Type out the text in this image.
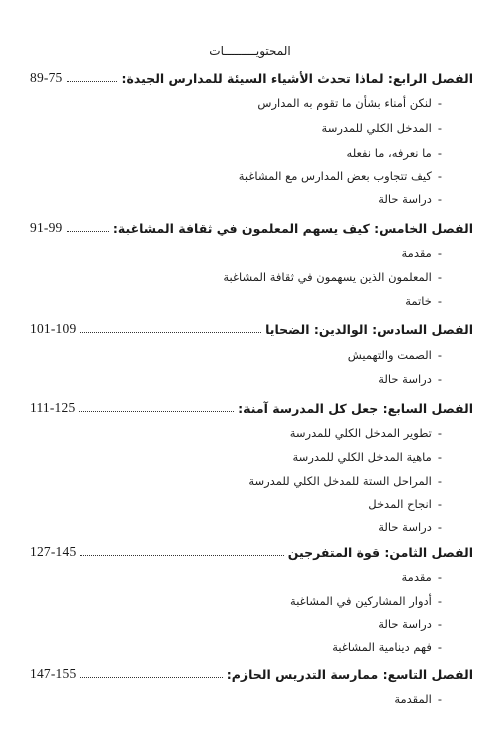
المحتويـــــــــات
89-75	الفصل الرابع: لماذا تحدث الأشياء السيئة للمدارس الجيدة:
-لنكن أمناء بشأن ما تقوم به المدارس
-المدخل الكلي للمدرسة
-ما نعرفه، ما نفعله
-كيف تتجاوب بعض المدارس مع المشاغبة
-دراسة حالة
91-99	الفصل الخامس: كيف يسهم المعلمون في ثقافة المشاغبة:
-مقدمة
-المعلمون الذين يسهمون في ثقافة المشاغبة
-خاتمة
101-109	الفصل السادس: الوالدين: الضحايا
-الصمت والتهميش
-دراسة حالة
111-125	الفصل السابع: جعل كل المدرسة آمنة:
-تطوير المدخل الكلي للمدرسة
-ماهية المدخل الكلي للمدرسة
-المراحل الستة للمدخل الكلي للمدرسة
-انجاح المدخل
-دراسة حالة
127-145	الفصل الثامن: قوة المتفرجين
-مقدمة
-أدوار المشاركين في المشاغبة
-دراسة حالة
-فهم دينامية المشاغبة
147-155	الفصل التاسع: ممارسة التدريس الحازم:
-المقدمة
